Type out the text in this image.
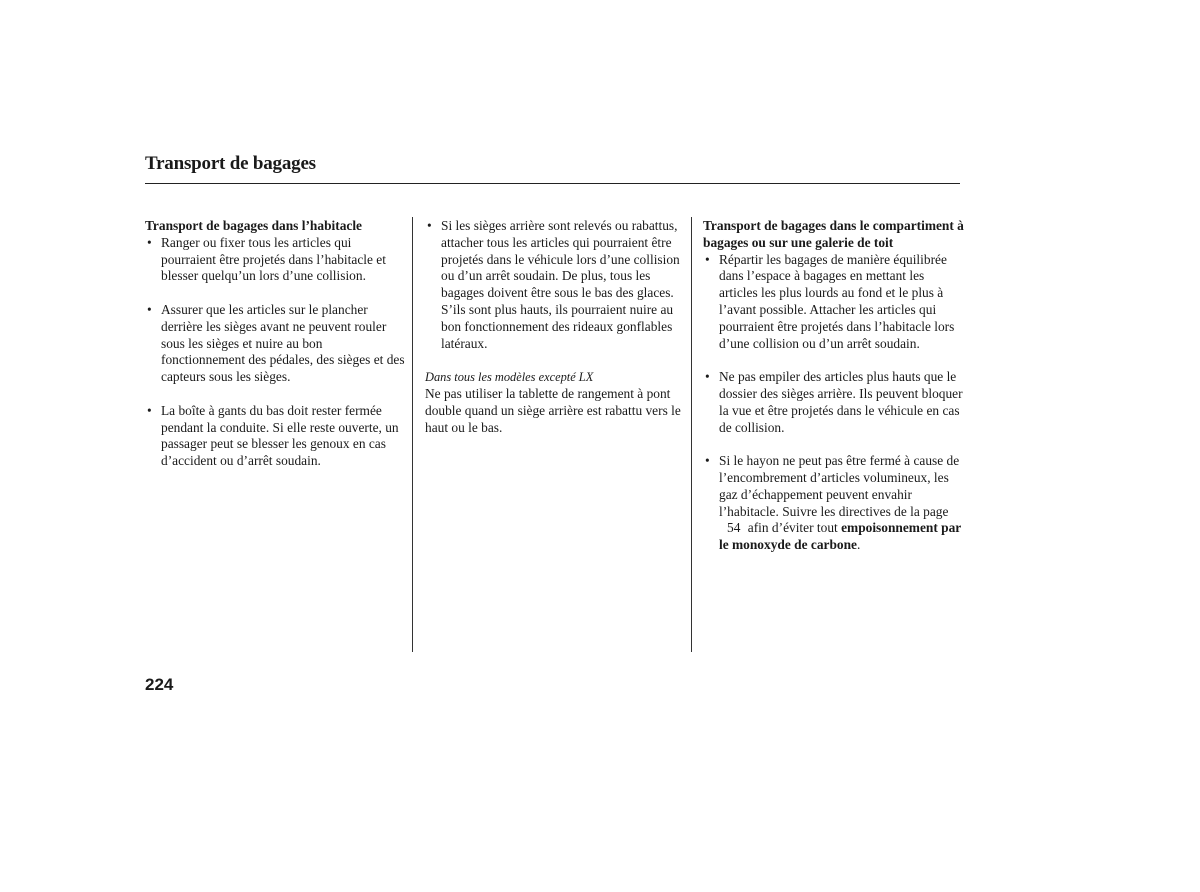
Transport de bagages
Transport de bagages dans l’habitacle
• Ranger ou fixer tous les articles qui pourraient être projetés dans l’habitacle et blesser quelqu’un lors d’une collision.
• Assurer que les articles sur le plancher derrière les sièges avant ne peuvent rouler sous les sièges et nuire au bon fonctionnement des pédales, des sièges et des capteurs sous les sièges.
• La boîte à gants du bas doit rester fermée pendant la conduite. Si elle reste ouverte, un passager peut se blesser les genoux en cas d’accident ou d’arrêt soudain.
• Si les sièges arrière sont relevés ou rabattus, attacher tous les articles qui pourraient être projetés dans le véhicule lors d’une collision ou d’un arrêt soudain. De plus, tous les bagages doivent être sous le bas des glaces. S’ils sont plus hauts, ils pourraient nuire au bon fonctionnement des rideaux gonflables latéraux.
Dans tous les modèles excepté LX
Ne pas utiliser la tablette de rangement à pont double quand un siège arrière est rabattu vers le haut ou le bas.
Transport de bagages dans le compartiment à bagages ou sur une galerie de toit
• Répartir les bagages de manière équilibrée dans l’espace à bagages en mettant les articles les plus lourds au fond et le plus à l’avant possible. Attacher les articles qui pourraient être projetés dans l’habitacle lors d’une collision ou d’un arrêt soudain.
• Ne pas empiler des articles plus hauts que le dossier des sièges arrière. Ils peuvent bloquer la vue et être projetés dans le véhicule en cas de collision.
• Si le hayon ne peut pas être fermé à cause de l’encombrement d’articles volumineux, les gaz d’échappement peuvent envahir l’habitacle. Suivre les directives de la page
54 afin d’éviter tout empoisonnement par le monoxyde de carbone.
224
